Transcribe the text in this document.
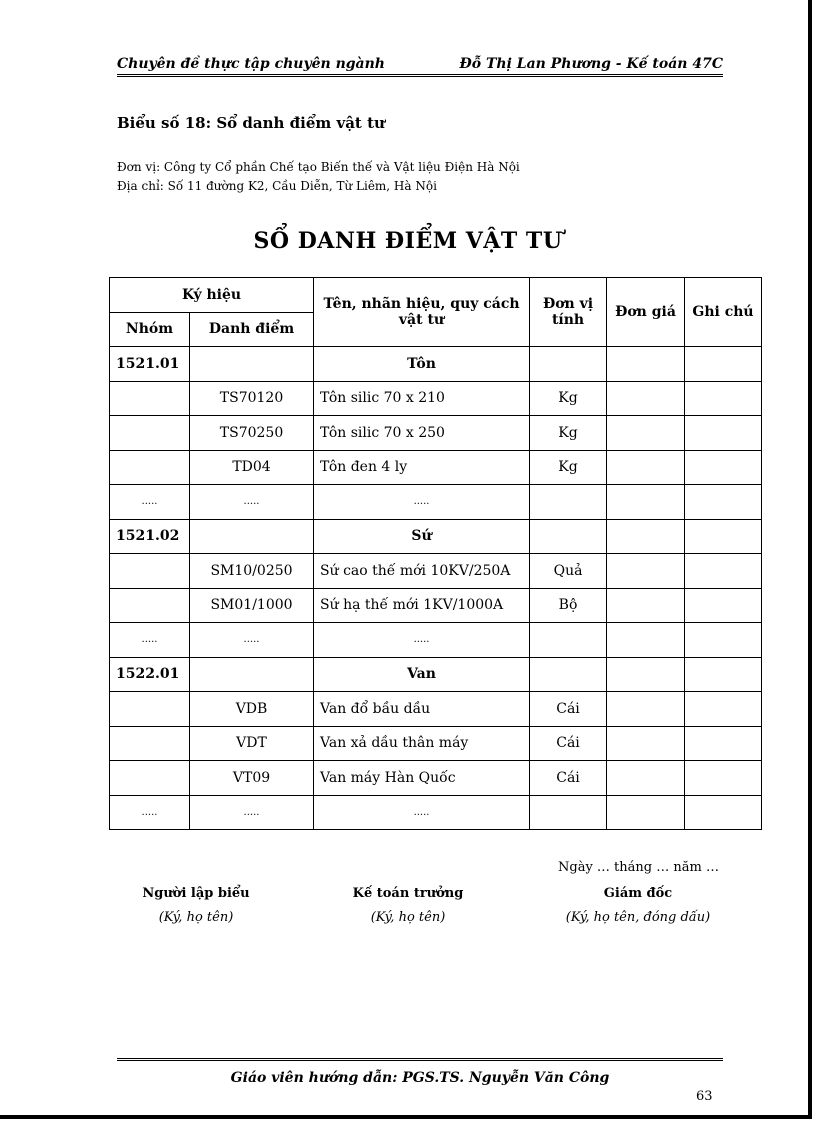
Chuyên đề thực tập chuyên ngành	Đỗ Thị Lan Phương - Kế toán 47C
Biểu số 18: Sổ danh điểm vật tư
Đơn vị: Công ty Cổ phần Chế tạo Biến thế và Vật liệu Điện Hà Nội
Địa chỉ: Số 11 đường K2, Cầu Diễn, Từ Liêm, Hà Nội
SỔ DANH ĐIỂM VẬT TƯ
Ký hiệu		Tên, nhãn hiệu, quy cách vật tư	Đơn vị tính	Đơn giá	Ghi chú
Nhóm	Danh điểm				
1521.01		Tôn			
	TS70120	Tôn silic 70 x 210	Kg		
	TS70250	Tôn silic 70 x 250	Kg		
	TD04	Tôn đen 4 ly	Kg		
.....	.....	.....			
1521.02		Sứ			
	SM10/0250	Sứ cao thế mới 10KV/250A	Quả		
	SM01/1000	Sứ hạ thế mới 1KV/1000A	Bộ		
.....	.....	.....			
1522.01		Van			
	VDB	Van đổ bầu dầu	Cái		
	VDT	Van xả dầu thân máy	Cái		
	VT09	Van máy Hàn Quốc	Cái		
.....	.....	.....			
Ngày … tháng … năm …
Người lập biểu
(Ký, họ tên)
Kế toán trưởng
(Ký, họ tên)
Giám đốc
(Ký, họ tên, đóng dấu)
Giáo viên hướng dẫn: PGS.TS. Nguyễn Văn Công
63
